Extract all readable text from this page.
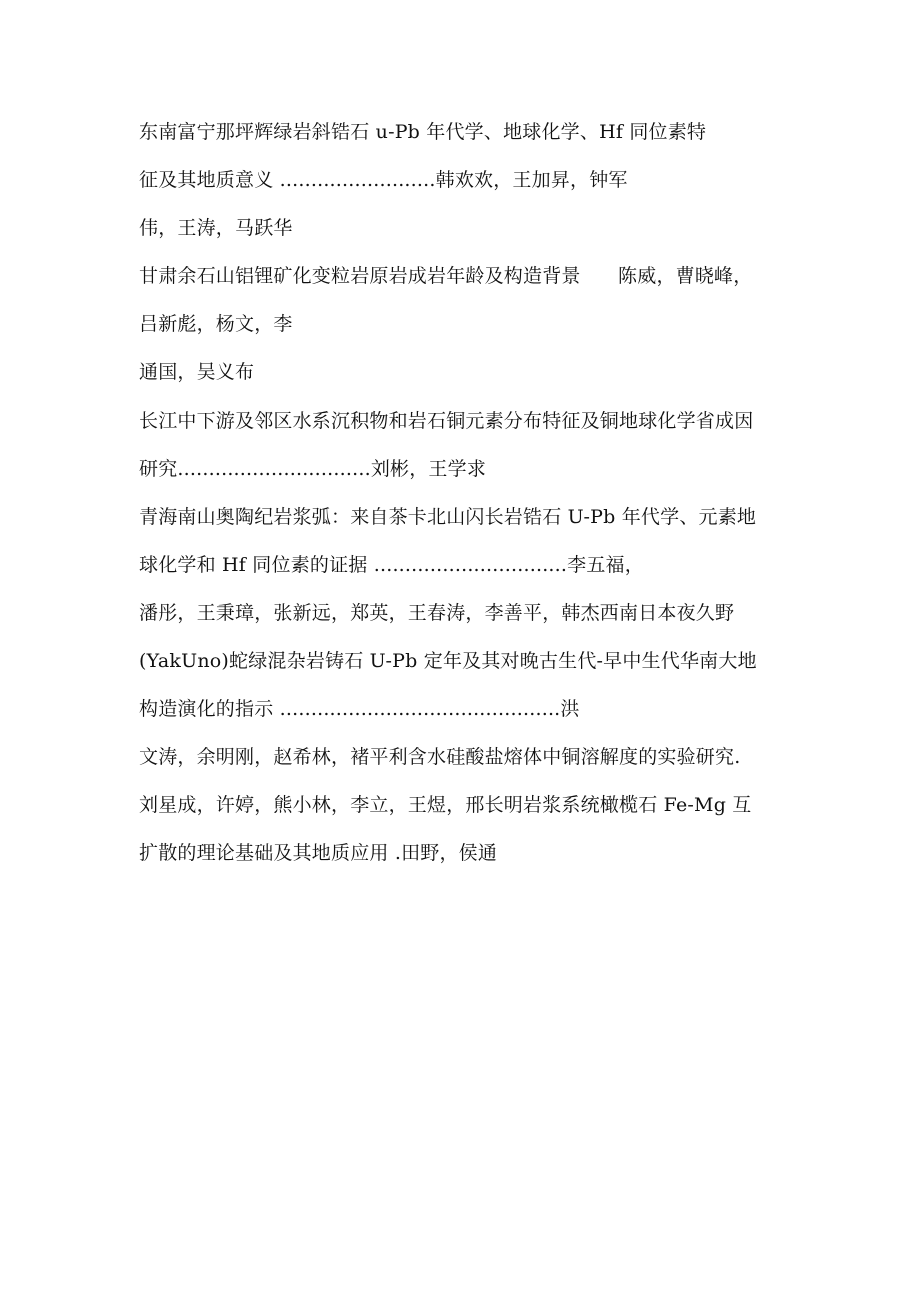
东南富宁那坪辉绿岩斜锆石 u-Pb 年代学、地球化学、Hf 同位素特
征及其地质意义 .........................韩欢欢，王加昇，钟军
伟，王涛，马跃华
甘肃余石山铝锂矿化变粒岩原岩成岩年龄及构造背景      陈威，曹晓峰，
吕新彪，杨文，李
通国，吴义布
长江中下游及邻区水系沉积物和岩石铜元素分布特征及铜地球化学省成因
研究...............................刘彬，王学求
青海南山奥陶纪岩浆弧：来自茶卡北山闪长岩锆石 U-Pb 年代学、元素地
球化学和 Hf 同位素的证据 ...............................李五福，
潘彤，王秉璋，张新远，郑英，王春涛，李善平，韩杰西南日本夜久野
(YakUno)蛇绿混杂岩铸石 U-Pb 定年及其对晚古生代-早中生代华南大地
构造演化的指示 .............................................洪
文涛，余明刚，赵希林，褚平利含水硅酸盐熔体中铜溶解度的实验研究.
刘星成，许婷，熊小林，李立，王煜，邢长明岩浆系统橄榄石 Fe-Mg 互
扩散的理论基础及其地质应用 .田野，侯通
